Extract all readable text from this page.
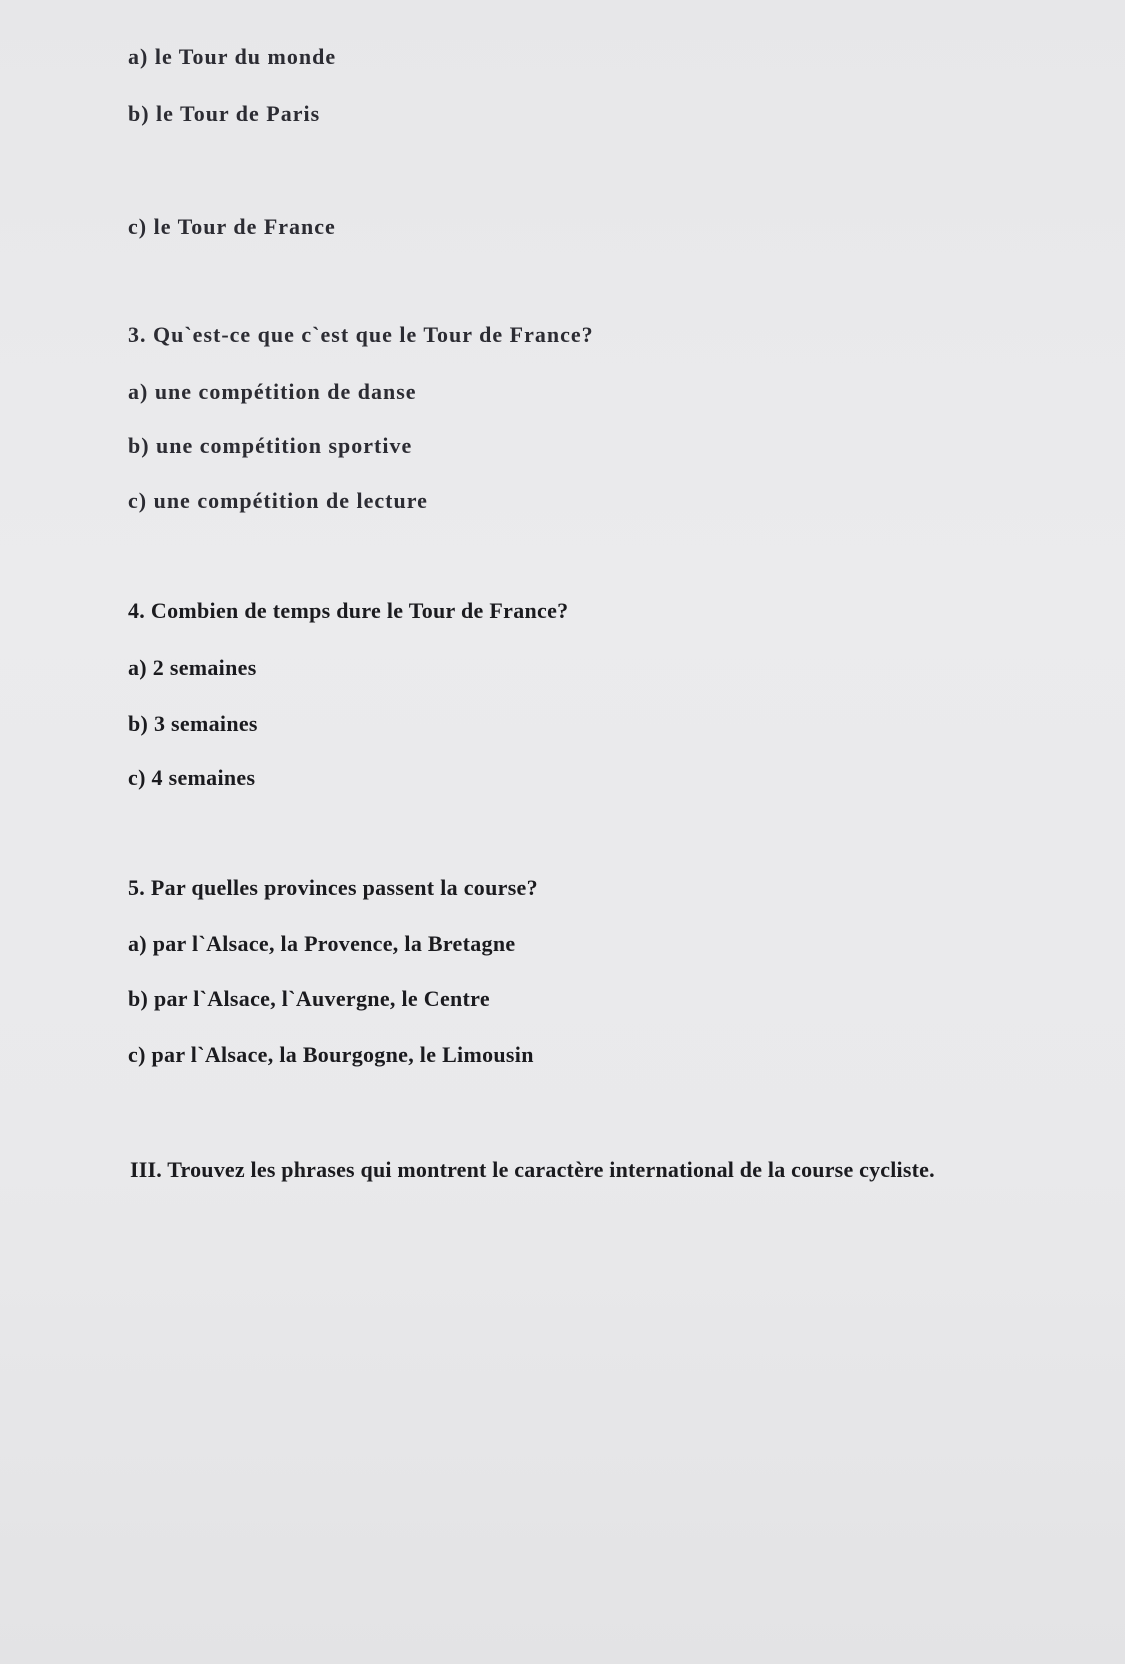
a) le Tour du monde
b) le Tour de Paris
c) le Tour de France
3. Qu`est-ce que c`est que le Tour de France?
a) une compétition de danse
b) une compétition sportive
c) une compétition de lecture
4. Combien de temps dure le Tour de France?
a) 2 semaines
b) 3 semaines
c) 4 semaines
5. Par quelles provinces passent la course?
a) par l`Alsace, la Provence, la Bretagne
b) par l`Alsace, l`Auvergne, le Centre
c) par l`Alsace, la Bourgogne, le Limousin
III. Trouvez les phrases qui montrent le caractère international de la course cycliste.
